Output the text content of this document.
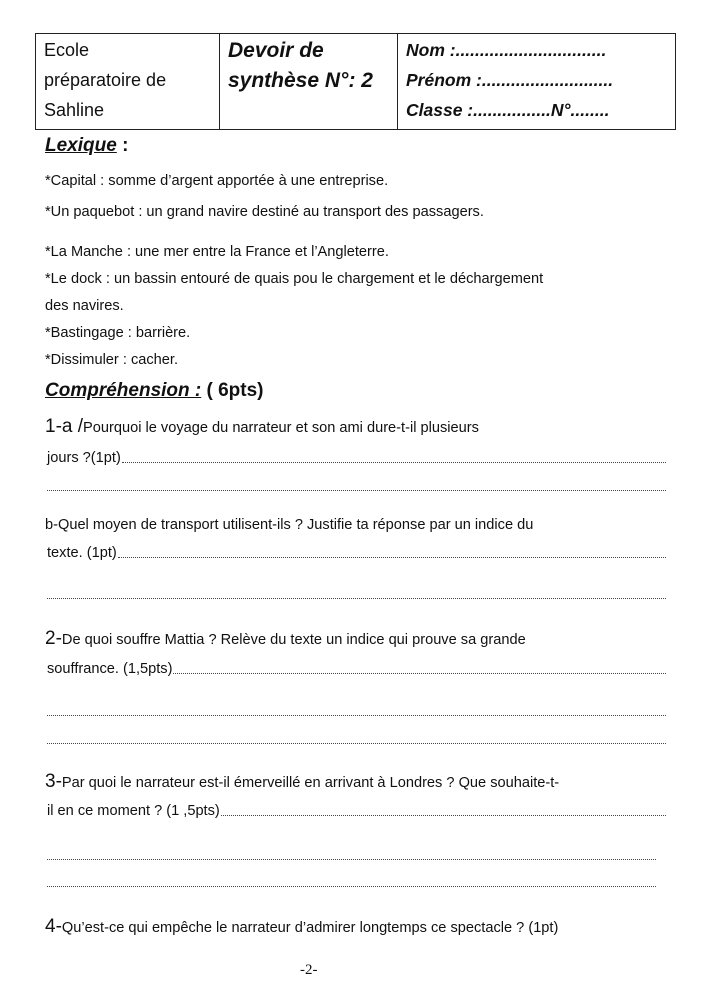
Ecole
préparatoire de
Sahline
Devoir de
synthèse N°: 2
Nom :...............................
Prénom :...........................
Classe :................N°........
Lexique :
*Capital : somme d’argent apportée à une entreprise.
*Un paquebot : un grand navire destiné au transport des passagers.
*La Manche : une mer entre la France et l’Angleterre.
*Le dock : un bassin entouré de quais pou le chargement et le déchargement
des navires.
*Bastingage : barrière.
*Dissimuler : cacher.
Compréhension : ( 6pts)
1-a /Pourquoi le voyage du narrateur et son ami dure-t-il plusieurs
jours ?(1pt)
b-Quel moyen de transport utilisent-ils ? Justifie ta réponse par un indice du
texte. (1pt)
2-De quoi souffre Mattia ? Relève du texte un indice qui prouve sa grande
souffrance. (1,5pts)
3-Par quoi le narrateur est-il émerveillé en arrivant à Londres ? Que souhaite-t-
il en ce moment ? (1 ,5pts)
4-Qu’est-ce qui empêche le narrateur d’admirer longtemps ce spectacle ? (1pt)
-2-
